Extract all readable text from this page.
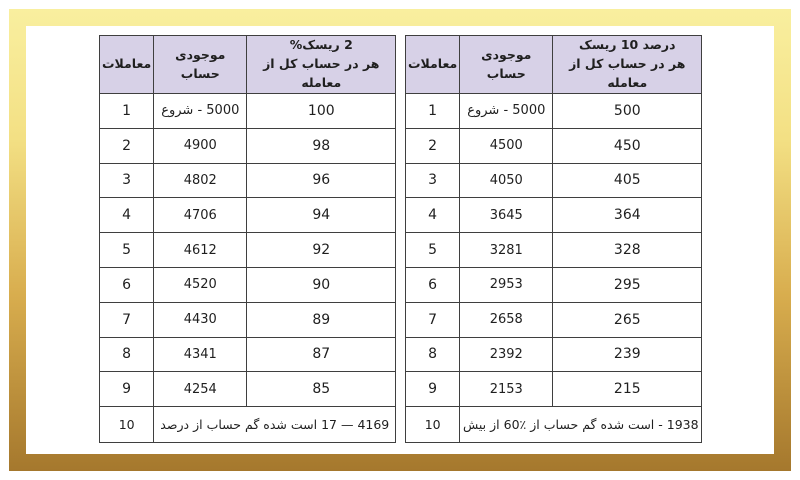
معاملات	موجودی حساب	%ریسک 2
از کل حساب در هر معامله

1	شروع - 5000	100
2	4900	98
3	4802	96
4	4706	94
5	4612	92
6	4520	90
7	4430	89
8	4341	87
9	4254	85
10	درصد از حساب گم شده است 17 — 4169	
معاملات	موجودی حساب	ریسک 10 درصد
از کل حساب در هر معامله

1	شروع - 5000	500
2	4500	450
3	4050	405
4	3645	364
5	3281	328
6	2953	295
7	2658	265
8	2392	239
9	2153	215
10	بیش از 60٪ از حساب گم شده است - 1938	
